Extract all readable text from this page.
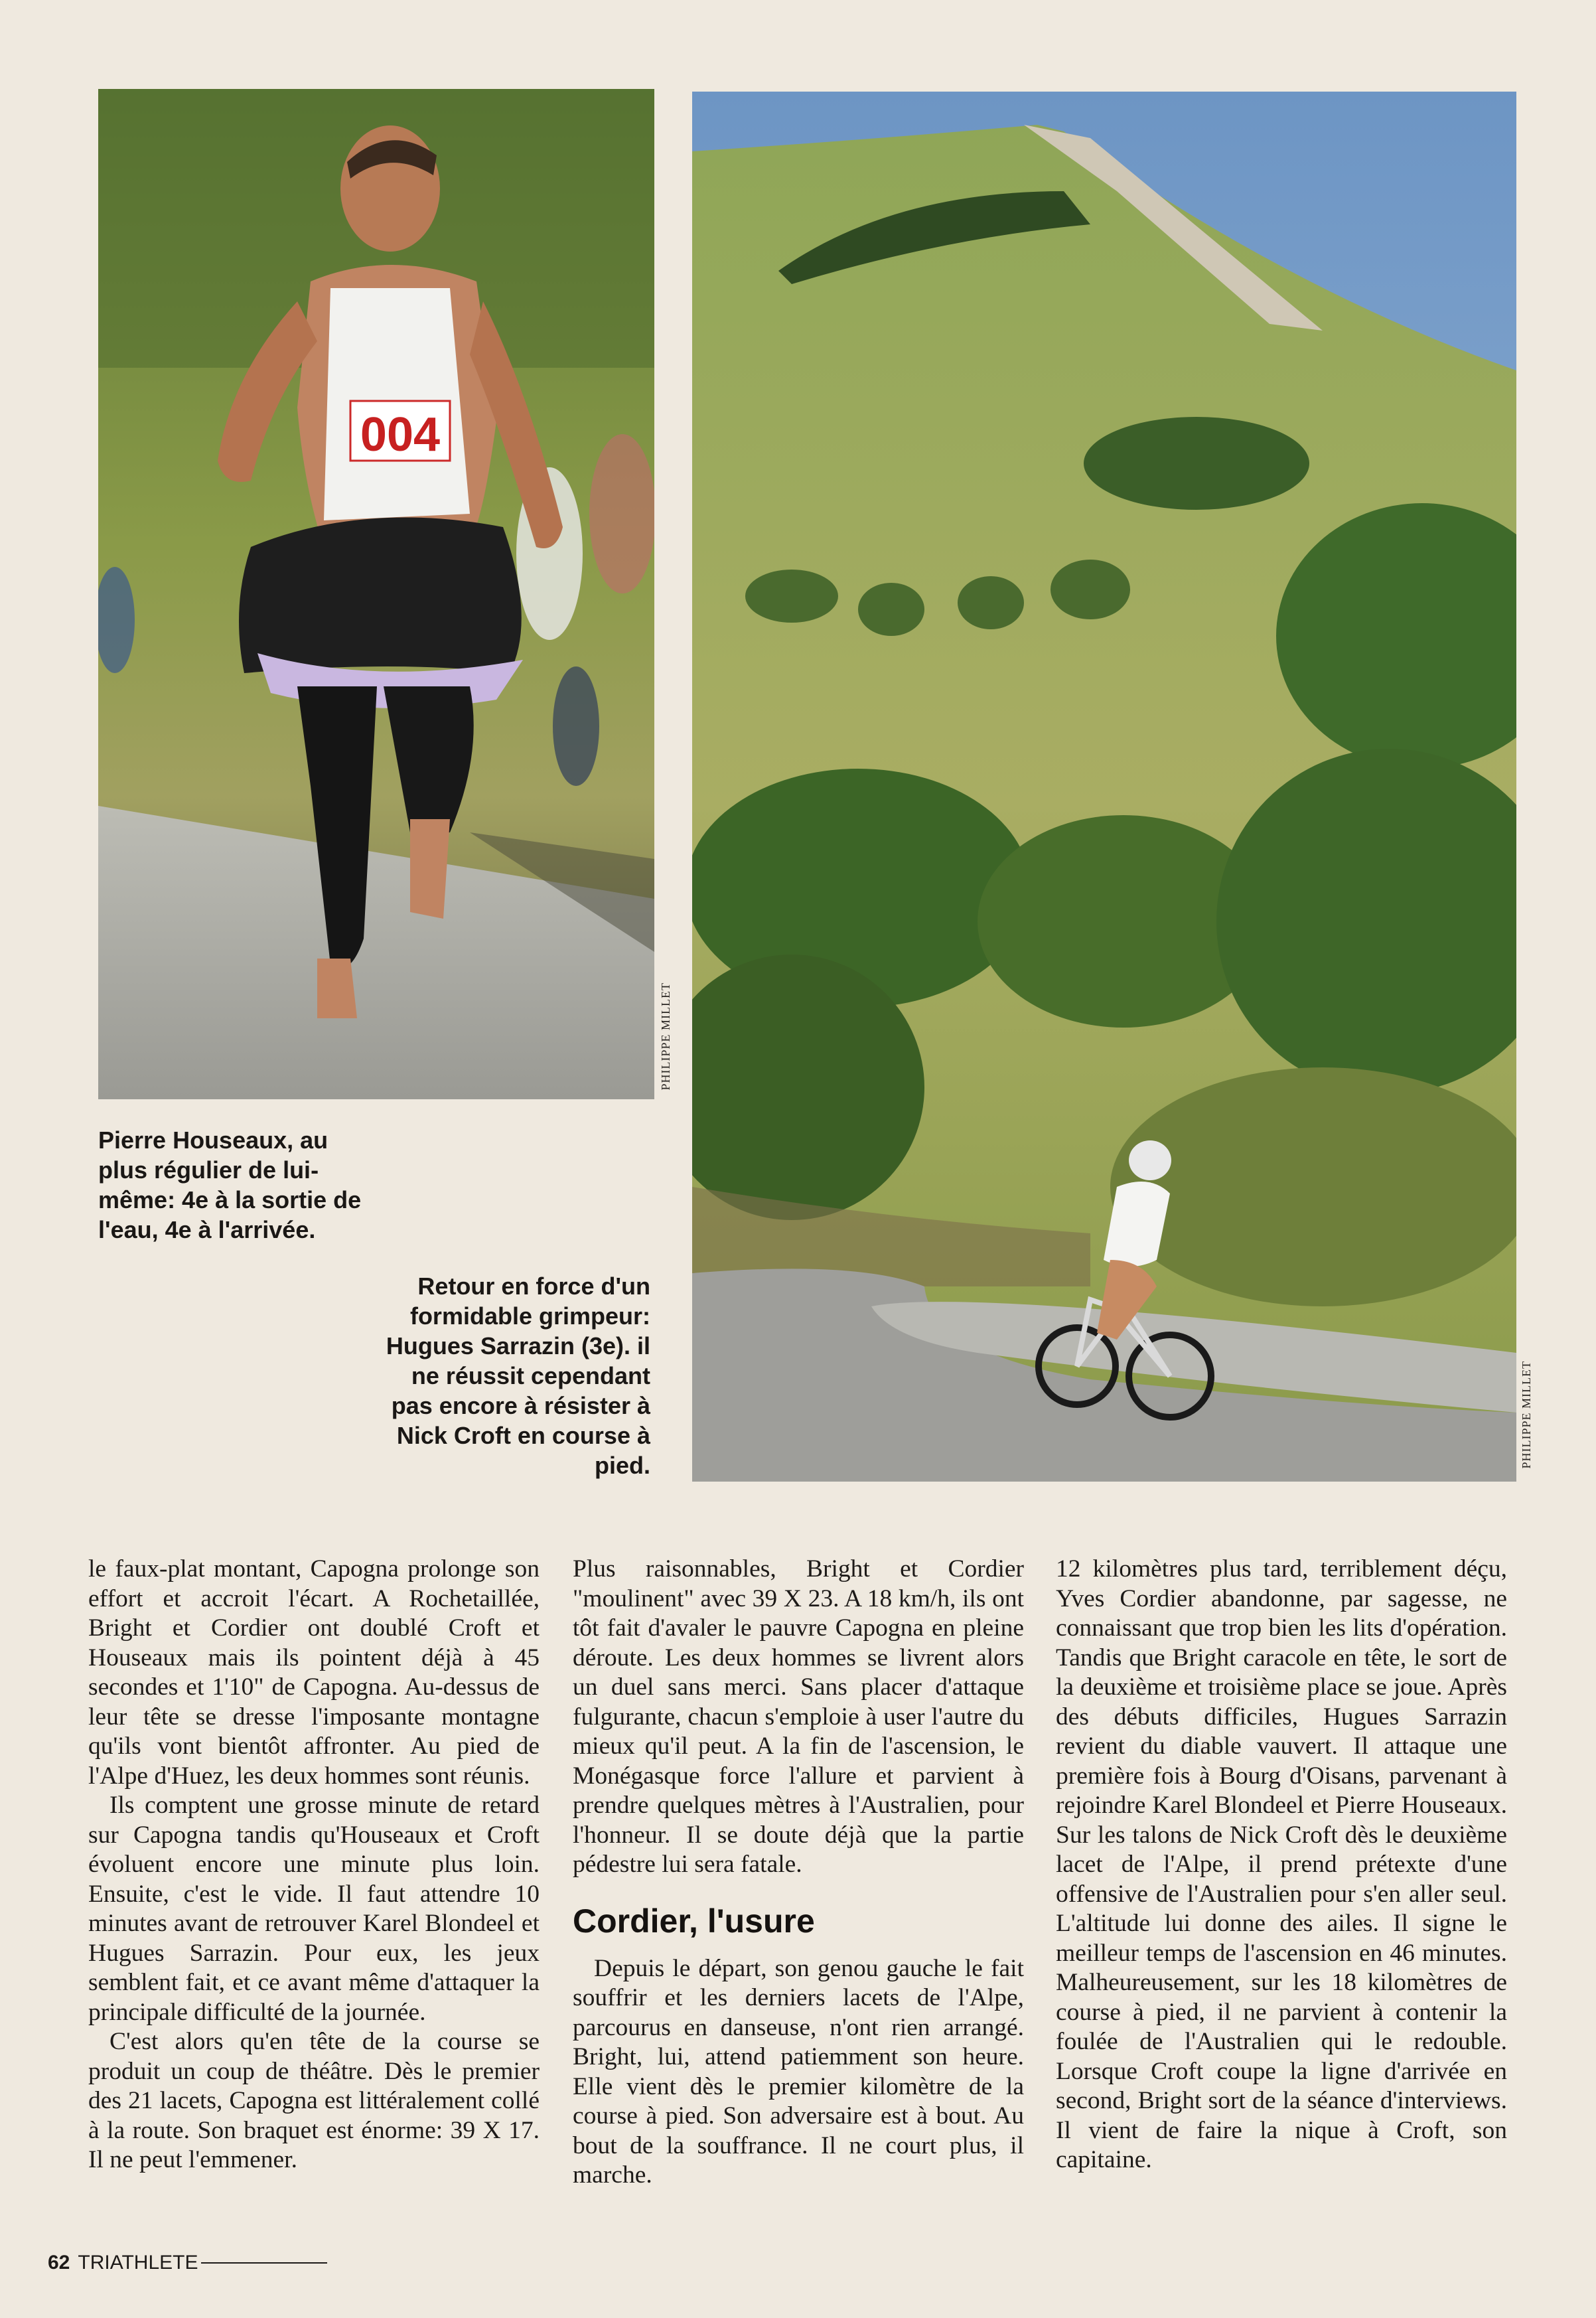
004
PHILIPPE MILLET
PHILIPPE MILLET

Pierre Houseaux, au plus régulier de lui-même: 4e à la sortie de l'eau, 4e à l'arrivée.

Retour en force d'un formidable grimpeur: Hugues Sarrazin (3e). il ne réussit cependant pas encore à résister à Nick Croft en course à pied.

le faux-plat montant, Capogna prolonge son effort et accroit l'écart. A Rochetaillée, Bright et Cordier ont doublé Croft et Houseaux mais ils pointent déjà à 45 secondes et 1'10" de Capogna. Au-dessus de leur tête se dresse l'imposante montagne qu'ils vont bientôt affronter. Au pied de l'Alpe d'Huez, les deux hommes sont réunis.

Ils comptent une grosse minute de retard sur Capogna tandis qu'Houseaux et Croft évoluent encore une minute plus loin. Ensuite, c'est le vide. Il faut attendre 10 minutes avant de retrouver Karel Blondeel et Hugues Sarrazin. Pour eux, les jeux semblent fait, et ce avant même d'attaquer la principale difficulté de la journée.

C'est alors qu'en tête de la course se produit un coup de théâtre. Dès le premier des 21 lacets, Capogna est littéralement collé à la route. Son braquet est énorme: 39 X 17. Il ne peut l'emmener.

Plus raisonnables, Bright et Cordier "moulinent" avec 39 X 23. A 18 km/h, ils ont tôt fait d'avaler le pauvre Capogna en pleine déroute. Les deux hommes se livrent alors un duel sans merci. Sans placer d'attaque fulgurante, chacun s'emploie à user l'autre du mieux qu'il peut. A la fin de l'ascension, le Monégasque force l'allure et parvient à prendre quelques mètres à l'Australien, pour l'honneur. Il se doute déjà que la partie pédestre lui sera fatale.

Cordier, l'usure

Depuis le départ, son genou gauche le fait souffrir et les derniers lacets de l'Alpe, parcourus en danseuse, n'ont rien arrangé. Bright, lui, attend patiemment son heure. Elle vient dès le premier kilomètre de la course à pied. Son adversaire est à bout. Au bout de la souffrance. Il ne court plus, il marche.

12 kilomètres plus tard, terriblement déçu, Yves Cordier abandonne, par sagesse, ne connaissant que trop bien les lits d'opération. Tandis que Bright caracole en tête, le sort de la deuxième et troisième place se joue. Après des débuts difficiles, Hugues Sarrazin revient du diable vauvert. Il attaque une première fois à Bourg d'Oisans, parvenant à rejoindre Karel Blondeel et Pierre Houseaux. Sur les talons de Nick Croft dès le deuxième lacet de l'Alpe, il prend prétexte d'une offensive de l'Australien pour s'en aller seul. L'altitude lui donne des ailes. Il signe le meilleur temps de l'ascension en 46 minutes. Malheureusement, sur les 18 kilomètres de course à pied, il ne parvient à contenir la foulée de l'Australien qui le redouble. Lorsque Croft coupe la ligne d'arrivée en second, Bright sort de la séance d'interviews. Il vient de faire la nique à Croft, son capitaine.

62 TRIATHLETE
